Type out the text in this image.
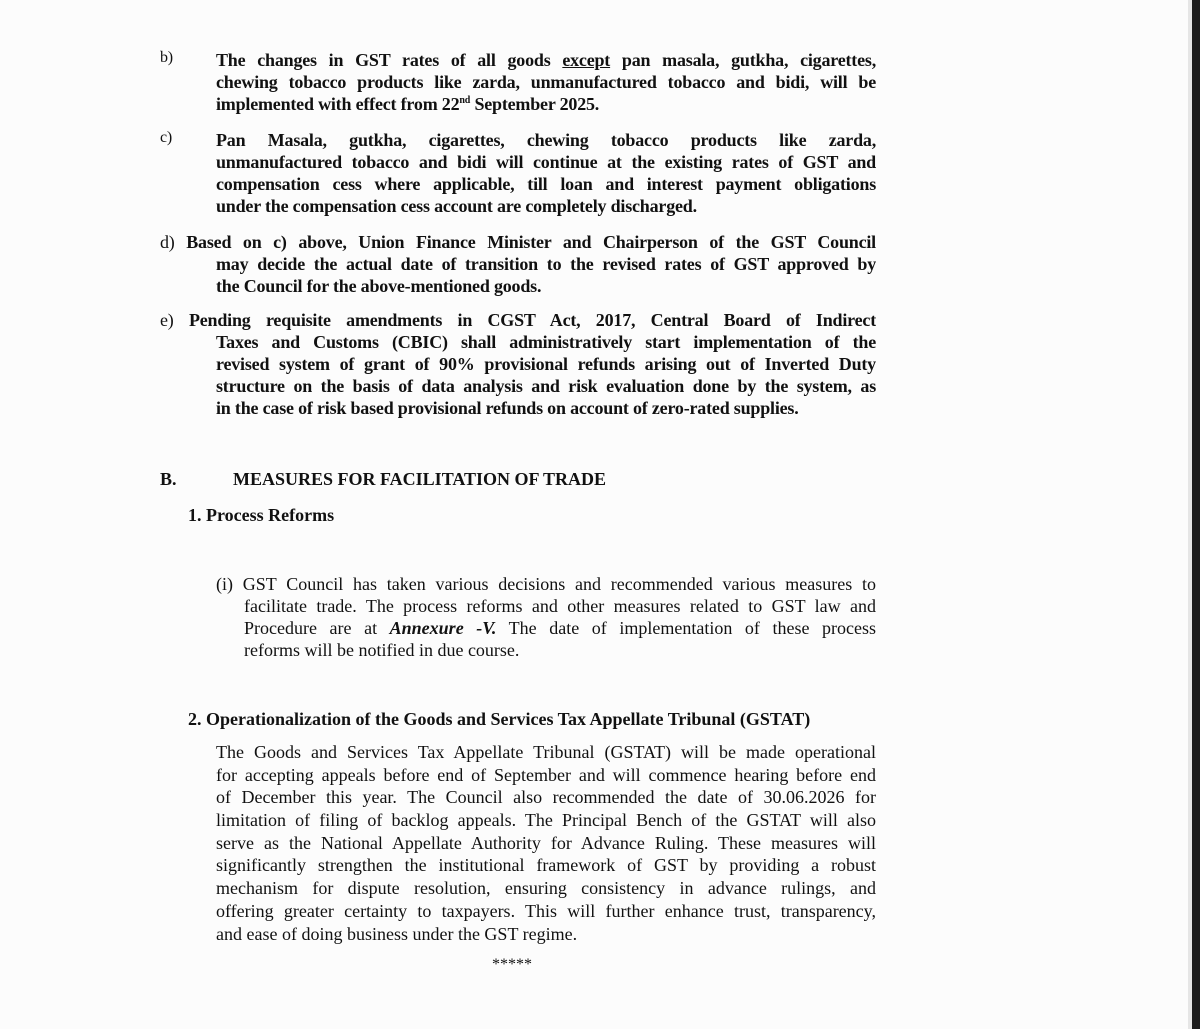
b) The changes in GST rates of all goods except pan masala, gutkha, cigarettes,
chewing tobacco products like zarda, unmanufactured tobacco and bidi, will be
implemented with effect from 22nd September 2025.
c) Pan Masala, gutkha, cigarettes, chewing tobacco products like zarda,
unmanufactured tobacco and bidi will continue at the existing rates of GST and
compensation cess where applicable, till loan and interest payment obligations
under the compensation cess account are completely discharged.
d) Based on c) above, Union Finance Minister and Chairperson of the GST Council
may decide the actual date of transition to the revised rates of GST approved by
the Council for the above-mentioned goods.
e) Pending requisite amendments in CGST Act, 2017, Central Board of Indirect
Taxes and Customs (CBIC) shall administratively start implementation of the
revised system of grant of 90% provisional refunds arising out of Inverted Duty
structure on the basis of data analysis and risk evaluation done by the system, as
in the case of risk based provisional refunds on account of zero-rated supplies.
B.	MEASURES FOR FACILITATION OF TRADE
1. Process Reforms
(i) GST Council has taken various decisions and recommended various measures to
facilitate trade. The process reforms and other measures related to GST law and
Procedure are at Annexure -V. The date of implementation of these process
reforms will be notified in due course.
2. Operationalization of the Goods and Services Tax Appellate Tribunal (GSTAT)
The Goods and Services Tax Appellate Tribunal (GSTAT) will be made operational
for accepting appeals before end of September and will commence hearing before end
of December this year. The Council also recommended the date of 30.06.2026 for
limitation of filing of backlog appeals. The Principal Bench of the GSTAT will also
serve as the National Appellate Authority for Advance Ruling. These measures will
significantly strengthen the institutional framework of GST by providing a robust
mechanism for dispute resolution, ensuring consistency in advance rulings, and
offering greater certainty to taxpayers. This will further enhance trust, transparency,
and ease of doing business under the GST regime.
*****
